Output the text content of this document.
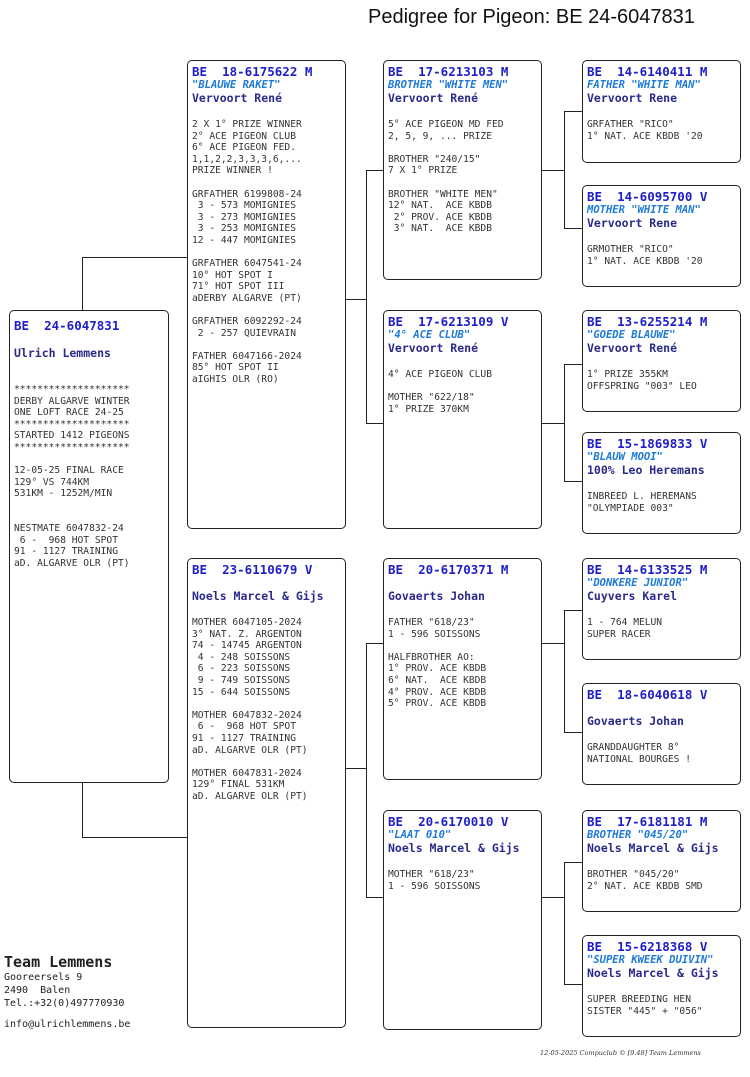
Pedigree for Pigeon: BE 24-6047831
BE  24-6047831
Ulrich Lemmens
********************
DERBY ALGARVE WINTER
ONE LOFT RACE 24-25
********************
STARTED 1412 PIGEONS
********************

12-05-25 FINAL RACE
129° VS 744KM
531KM - 1252M/MIN

NESTMATE 6047832-24
6 -  968 HOT SPOT
91 - 1127 TRAINING
aD. ALGARVE OLR (PT)
BE  18-6175622 M
"BLAUWE RAKET"
Vervoort René
2 X 1° PRIZE WINNER
2° ACE PIGEON CLUB
6° ACE PIGEON FED.
1,1,2,2,3,3,3,6,...
PRIZE WINNER !

GRFATHER 6199808-24
3 - 573 MOMIGNIES
3 - 273 MOMIGNIES
3 - 253 MOMIGNIES
12 - 447 MOMIGNIES

GRFATHER 6047541-24
10° HOT SPOT I
71° HOT SPOT III
aDERBY ALGARVE (PT)

GRFATHER 6092292-24
2 - 257 QUIEVRAIN

FATHER 6047166-2024
85° HOT SPOT II
aIGHIS OLR (RO)
BE  23-6110679 V
Noels Marcel & Gijs
MOTHER 6047105-2024
3° NAT. Z. ARGENTON
74 - 14745 ARGENTON
4 - 248 SOISSONS
6 - 223 SOISSONS
9 - 749 SOISSONS
15 - 644 SOISSONS

MOTHER 6047832-2024
6 -  968 HOT SPOT
91 - 1127 TRAINING
aD. ALGARVE OLR (PT)

MOTHER 6047831-2024
129° FINAL 531KM
aD. ALGARVE OLR (PT)
BE  17-6213103 M
BROTHER "WHITE MEN"
Vervoort René
5° ACE PIGEON MD FED
2, 5, 9, ... PRIZE

BROTHER "240/15"
7 X 1° PRIZE

BROTHER "WHITE MEN"
12° NAT.  ACE KBDB
2° PROV. ACE KBDB
3° NAT.  ACE KBDB
BE  17-6213109 V
"4° ACE CLUB"
Vervoort René
4° ACE PIGEON CLUB

MOTHER "622/18"
1° PRIZE 370KM
BE  20-6170371 M
Govaerts Johan
FATHER "618/23"
1 - 596 SOISSONS

HALFBROTHER AO:
1° PROV. ACE KBDB
6° NAT.  ACE KBDB
4° PROV. ACE KBDB
5° PROV. ACE KBDB
BE  20-6170010 V
"LAAT 010"
Noels Marcel & Gijs
MOTHER "618/23"
1 - 596 SOISSONS
BE  14-6140411 M
FATHER "WHITE MAN"
Vervoort Rene
GRFATHER "RICO"
1° NAT. ACE KBDB '20
BE  14-6095700 V
MOTHER "WHITE MAN"
Vervoort Rene
GRMOTHER "RICO"
1° NAT. ACE KBDB '20
BE  13-6255214 M
"GOEDE BLAUWE"
Vervoort René
1° PRIZE 355KM
OFFSPRING "003" LEO
BE  15-1869833 V
"BLAUW MOOI"
100% Leo Heremans
INBREED L. HEREMANS
"OLYMPIADE 003"
BE  14-6133525 M
"DONKERE JUNIOR"
Cuyvers Karel
1 - 764 MELUN
SUPER RACER
BE  18-6040618 V
Govaerts Johan
GRANDDAUGHTER 8°
NATIONAL BOURGES !
BE  17-6181181 M
BROTHER "045/20"
Noels Marcel & Gijs
BROTHER "045/20"
2° NAT. ACE KBDB SMD
BE  15-6218368 V
"SUPER KWEEK DUIVIN"
Noels Marcel & Gijs
SUPER BREEDING HEN
SISTER "445" + "056"
Team Lemmens
Gooreersels 9
2490  Balen
Tel.:+32(0)497770930
info@ulrichlemmens.be
12-05-2025 Compuclub © [9.48] Team Lemmens
